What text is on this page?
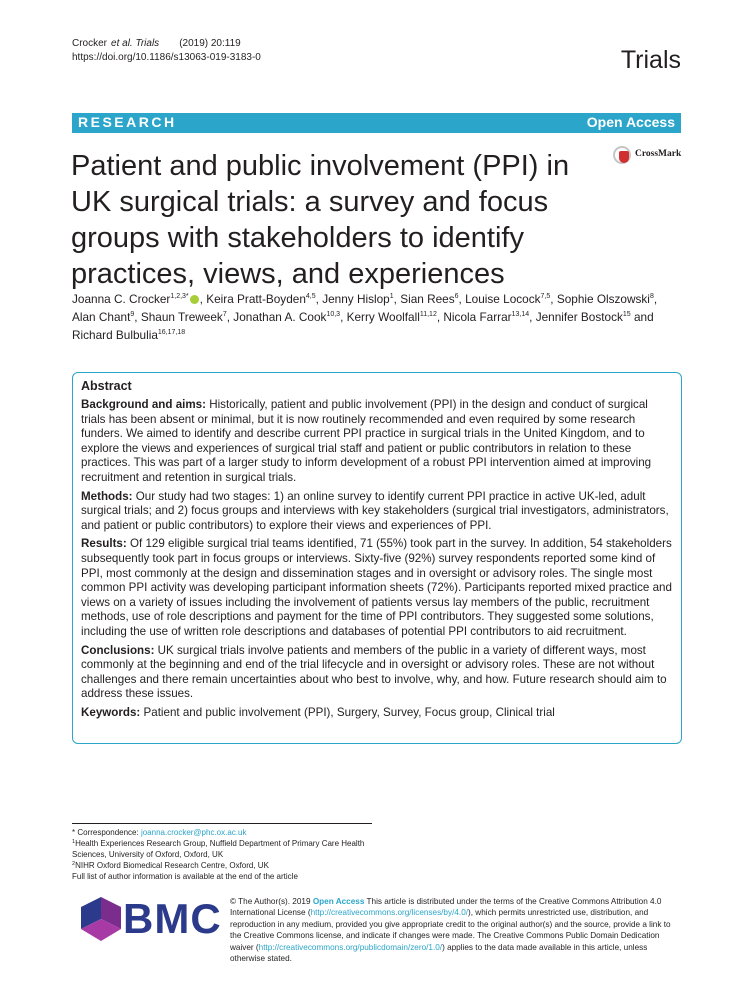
Crocker et al. Trials (2019) 20:119
https://doi.org/10.1186/s13063-019-3183-0	Trials
RESEARCH	Open Access
Patient and public involvement (PPI) in UK surgical trials: a survey and focus groups with stakeholders to identify practices, views, and experiences
CrossMark
Joanna C. Crocker$^{1,2,3*}$ , Keira Pratt-Boyden$^{4,5}$, Jenny Hislop$^1$, Sian Rees$^6$, Louise Locock$^{7,5}$, Sophie Olszowski$^8$, Alan Chant$^9$, Shaun Treweek$^7$, Jonathan A. Cook$^{10,3}$, Kerry Woolfall$^{11,12}$, Nicola Farrar$^{13,14}$, Jennifer Bostock$^{15}$ and Richard Bulbulia$^{16,17,18}$
Abstract

Background and aims: Historically, patient and public involvement (PPI) in the design and conduct of surgical trials has been absent or minimal, but it is now routinely recommended and even required by some research funders. We aimed to identify and describe current PPI practice in surgical trials in the United Kingdom, and to explore the views and experiences of surgical trial staff and patient or public contributors in relation to these practices. This was part of a larger study to inform development of a robust PPI intervention aimed at improving recruitment and retention in surgical trials.

Methods: Our study had two stages: 1) an online survey to identify current PPI practice in active UK-led, adult surgical trials; and 2) focus groups and interviews with key stakeholders (surgical trial investigators, administrators, and patient or public contributors) to explore their views and experiences of PPI.

Results: Of 129 eligible surgical trial teams identified, 71 (55%) took part in the survey. In addition, 54 stakeholders subsequently took part in focus groups or interviews. Sixty-five (92%) survey respondents reported some kind of PPI, most commonly at the design and dissemination stages and in oversight or advisory roles. The single most common PPI activity was developing participant information sheets (72%). Participants reported mixed practice and views on a variety of issues including the involvement of patients versus lay members of the public, recruitment methods, use of role descriptions and payment for the time of PPI contributors. They suggested some solutions, including the use of written role descriptions and databases of potential PPI contributors to aid recruitment.

Conclusions: UK surgical trials involve patients and members of the public in a variety of different ways, most commonly at the beginning and end of the trial lifecycle and in oversight or advisory roles. These are not without challenges and there remain uncertainties about who best to involve, why, and how. Future research should aim to address these issues.

Keywords: Patient and public involvement (PPI), Surgery, Survey, Focus group, Clinical trial

* Correspondence: joanna.crocker@phc.ox.ac.uk
$^1$Health Experiences Research Group, Nuffield Department of Primary Care Health Sciences, University of Oxford, Oxford, UK
$^2$NIHR Oxford Biomedical Research Centre, Oxford, UK
Full list of author information is available at the end of the article
BMC © The Author(s). 2019 Open Access This article is distributed under the terms of the Creative Commons Attribution 4.0 International License (http://creativecommons.org/licenses/by/4.0/), which permits unrestricted use, distribution, and reproduction in any medium, provided you give appropriate credit to the original author(s) and the source, provide a link to the Creative Commons license, and indicate if changes were made. The Creative Commons Public Domain Dedication waiver (http://creativecommons.org/publicdomain/zero/1.0/) applies to the data made available in this article, unless otherwise stated.
